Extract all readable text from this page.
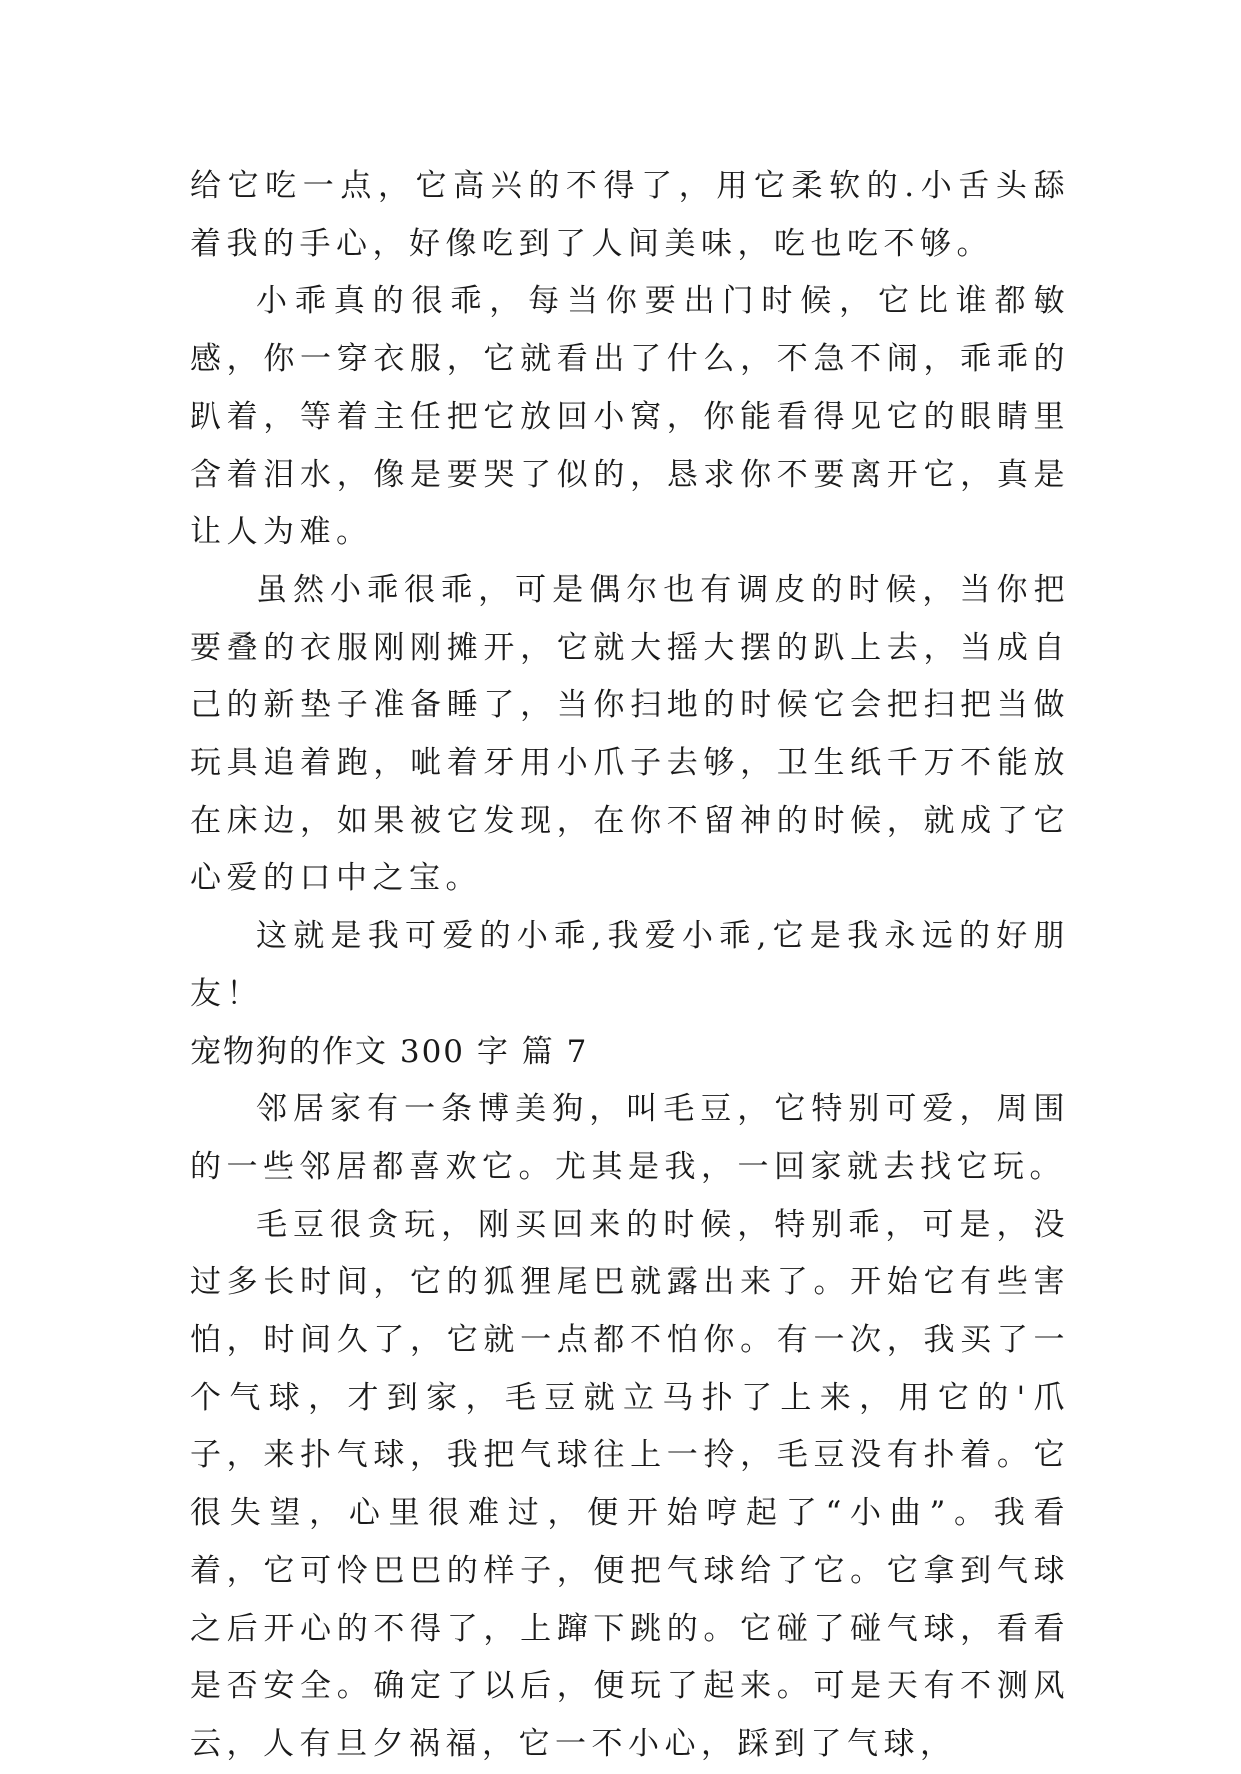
给它吃一点，它高兴的不得了，用它柔软的.小舌头舔着我的手心，好像吃到了人间美味，吃也吃不够。

小乖真的很乖，每当你要出门时候，它比谁都敏感，你一穿衣服，它就看出了什么，不急不闹，乖乖的趴着，等着主任把它放回小窝，你能看得见它的眼睛里含着泪水，像是要哭了似的，恳求你不要离开它，真是让人为难。

虽然小乖很乖，可是偶尔也有调皮的时候，当你把要叠的衣服刚刚摊开，它就大摇大摆的趴上去，当成自己的新垫子准备睡了，当你扫地的时候它会把扫把当做玩具追着跑，呲着牙用小爪子去够，卫生纸千万不能放在床边，如果被它发现，在你不留神的时候，就成了它心爱的口中之宝。

这就是我可爱的小乖,我爱小乖,它是我永远的好朋友！

宠物狗的作文 300 字 篇 7

邻居家有一条博美狗，叫毛豆，它特别可爱，周围的一些邻居都喜欢它。尤其是我，一回家就去找它玩。

毛豆很贪玩，刚买回来的时候，特别乖，可是，没过多长时间，它的狐狸尾巴就露出来了。开始它有些害怕，时间久了，它就一点都不怕你。有一次，我买了一个气球，才到家，毛豆就立马扑了上来，用它的'爪子，来扑气球，我把气球往上一拎，毛豆没有扑着。它很失望，心里很难过，便开始哼起了“小曲”。我看着，它可怜巴巴的样子，便把气球给了它。它拿到气球之后开心的不得了，上蹿下跳的。它碰了碰气球，看看是否安全。确定了以后，便玩了起来。可是天有不测风云，人有旦夕祸福，它一不小心，踩到了气球，
